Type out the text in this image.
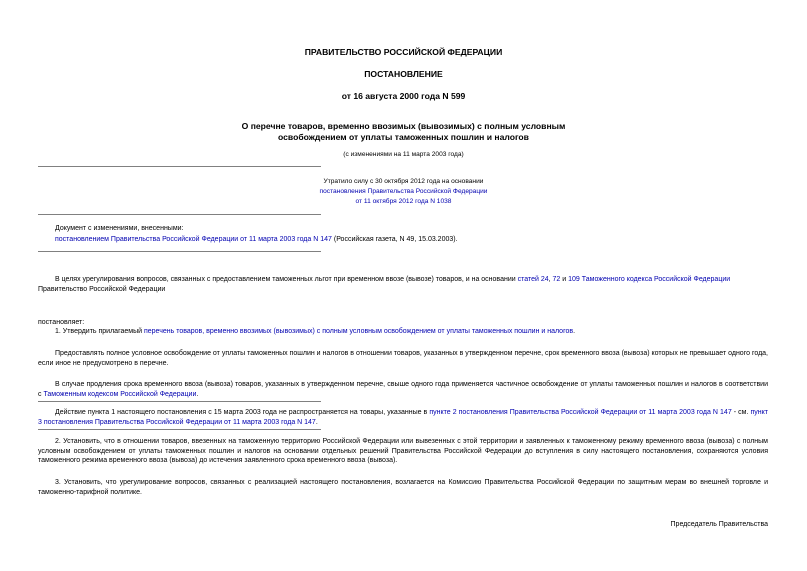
ПРАВИТЕЛЬСТВО РОССИЙСКОЙ ФЕДЕРАЦИИ
ПОСТАНОВЛЕНИЕ
от 16 августа 2000 года N 599
О перечне товаров, временно ввозимых (вывозимых) с полным условным
освобождением от уплаты таможенных пошлин и налогов
(с изменениями на 11 марта 2003 года)
Утратило силу с 30 октября 2012 года на основании
постановления Правительства Российской Федерации
от 11 октября 2012 года N 1038
Документ с изменениями, внесенными:
постановлением Правительства Российской Федерации от 11 марта 2003 года N 147 (Российская газета, N 49, 15.03.2003).
В целях урегулирования вопросов, связанных с предоставлением таможенных льгот при временном ввозе (вывозе) товаров, и на основании статей 24, 72 и 109 Таможенного кодекса Российской Федерации
Правительство Российской Федерации
постановляет:
1. Утвердить прилагаемый перечень товаров, временно ввозимых (вывозимых) с полным условным освобождением от уплаты таможенных пошлин и налогов.
Предоставлять полное условное освобождение от уплаты таможенных пошлин и налогов в отношении товаров, указанных в утвержденном перечне, срок временного ввоза (вывоза) которых не превышает одного года, если иное не предусмотрено в перечне.
В случае продления срока временного ввоза (вывоза) товаров, указанных в утвержденном перечне, свыше одного года применяется частичное освобождение от уплаты таможенных пошлин и налогов в соответствии с Таможенным кодексом Российской Федерации.
Действие пункта 1 настоящего постановления с 15 марта 2003 года не распространяется на товары, указанные в пункте 2 постановления Правительства Российской Федерации от 11 марта 2003 года N 147 - см. пункт 3 постановления Правительства Российской Федерации от 11 марта 2003 года N 147.
2. Установить, что в отношении товаров, ввезенных на таможенную территорию Российской Федерации или вывезенных с этой территории и заявленных к таможенному режиму временного ввоза (вывоза) с полным условным освобождением от уплаты таможенных пошлин и налогов на основании отдельных решений Правительства Российской Федерации до вступления в силу настоящего постановления, сохраняются условия таможенного режима временного ввоза (вывоза) до истечения заявленного срока временного ввоза (вывоза).
3. Установить, что урегулирование вопросов, связанных с реализацией настоящего постановления, возлагается на Комиссию Правительства Российской Федерации по защитным мерам во внешней торговле и таможенно-тарифной политике.
Председатель Правительства
